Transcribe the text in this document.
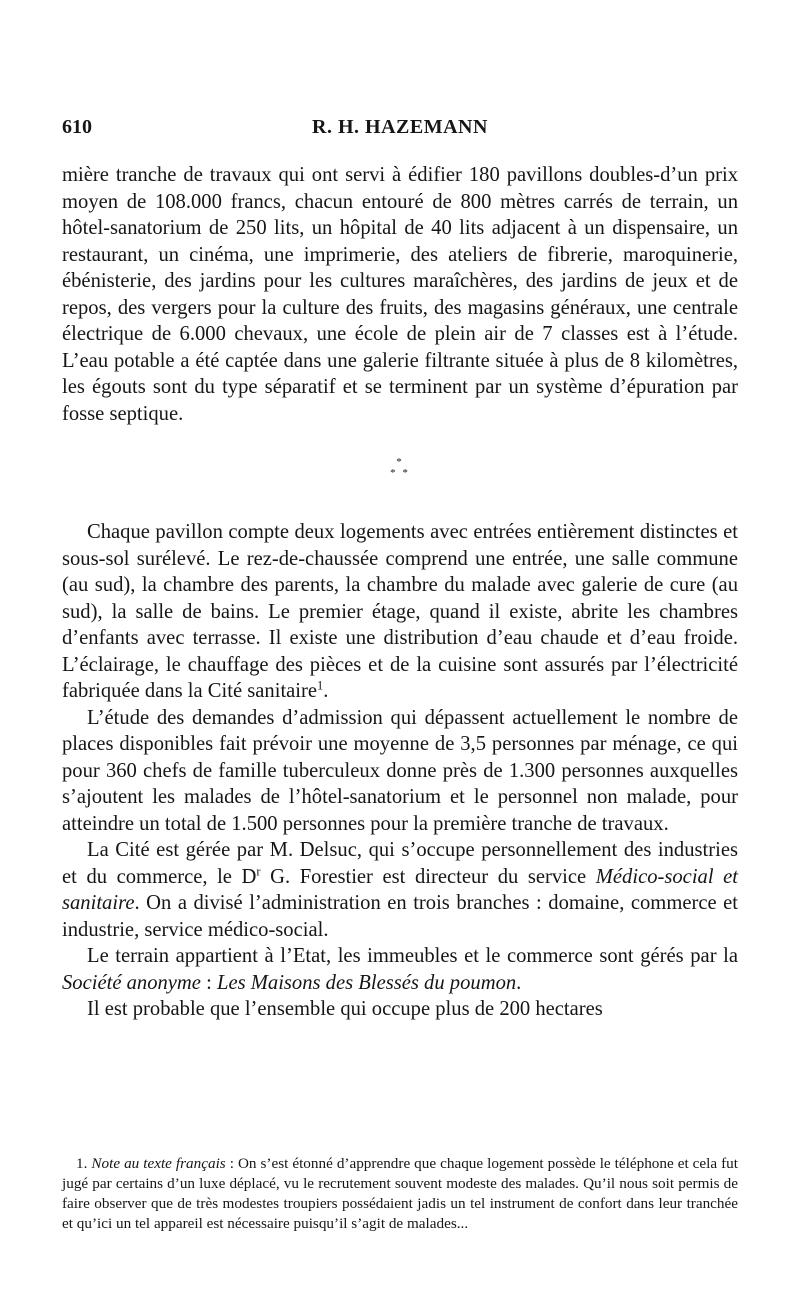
610	R. H. HAZEMANN

mière tranche de travaux qui ont servi à édifier 180 pavillons doubles-d’un prix moyen de 108.000 francs, chacun entouré de 800 mètres carrés de terrain, un hôtel-sanatorium de 250 lits, un hôpital de 40 lits adjacent à un dispensaire, un restaurant, un cinéma, une imprimerie, des ateliers de fibrerie, maroquinerie, ébénisterie, des jardins pour les cultures maraîchères, des jardins de jeux et de repos, des vergers pour la culture des fruits, des magasins généraux, une centrale électrique de 6.000 chevaux, une école de plein air de 7 classes est à l’étude. L’eau potable a été captée dans une galerie filtrante située à plus de 8 kilomètres, les égouts sont du type séparatif et se terminent par un système d’épuration par fosse septique.

*
* *

Chaque pavillon compte deux logements avec entrées entièrement distinctes et sous-sol surélevé. Le rez-de-chaussée comprend une entrée, une salle commune (au sud), la chambre des parents, la chambre du malade avec galerie de cure (au sud), la salle de bains. Le premier étage, quand il existe, abrite les chambres d’enfants avec terrasse. Il existe une distribution d’eau chaude et d’eau froide. L’éclairage, le chauffage des pièces et de la cuisine sont assurés par l’électricité fabriquée dans la Cité sanitaire$^1$.

L’étude des demandes d’admission qui dépassent actuellement le nombre de places disponibles fait prévoir une moyenne de 3,5 personnes par ménage, ce qui pour 360 chefs de famille tuberculeux donne près de 1.300 personnes auxquelles s’ajoutent les malades de l’hôtel-sanatorium et le personnel non malade, pour atteindre un total de 1.500 personnes pour la première tranche de travaux.

La Cité est gérée par M. Delsuc, qui s’occupe personnellement des industries et du commerce, le $D^r$ G. Forestier est directeur du service Médico-social et sanitaire. On a divisé l’administration en trois branches : domaine, commerce et industrie, service médico-social.

Le terrain appartient à l’Etat, les immeubles et le commerce sont gérés par la Société anonyme : Les Maisons des Blessés du poumon.

Il est probable que l’ensemble qui occupe plus de 200 hectares

1. Note au texte français : On s’est étonné d’apprendre que chaque logement possède le téléphone et cela fut jugé par certains d’un luxe déplacé, vu le recrutement souvent modeste des malades. Qu’il nous soit permis de faire observer que de très modestes troupiers possédaient jadis un tel instrument de confort dans leur tranchée et qu’ici un tel appareil est nécessaire puisqu’il s’agit de malades...
